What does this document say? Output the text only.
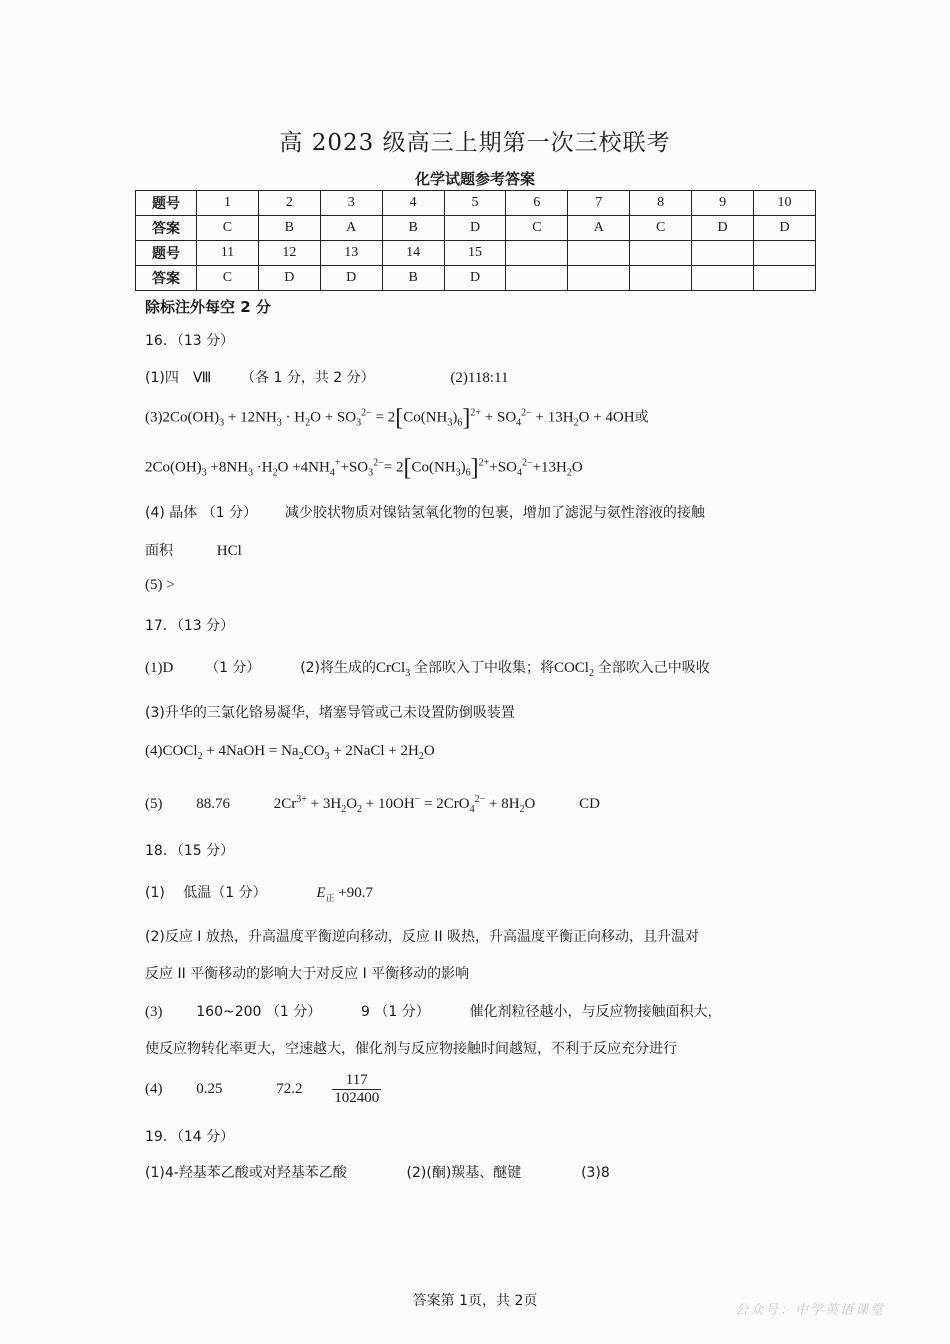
高 2023 级高三上期第一次三校联考
化学试题参考答案
题号	1	2	3	4	5	6	7	8	9	10
答案	C	B	A	B	D	C	A	C	D	D
题号	11	12	13	14	15					
答案	C	D	D	B	D					
除标注外每空 2 分
16．（13 分）
(1)四　Ⅷ （各 1 分，共 2 分）	(2)118:11
$(3)2Co(OH)_3 + 12NH_3 \cdot H_2O + SO_3^{2-} = 2[Co(NH_3)_6]^{2+} + SO_4^{2-} + 13H_2O + 4OH$或
$2Co(OH)_3 +8NH_3 \cdot H_2O +4NH_4^++SO_3^{2-}= 2[Co(NH_3)_6]^{2+}+SO_4^{2-}+13H_2O$
(4) 晶体 （1 分） 减少胶状物质对镍钴氢氧化物的包裹，增加了滤泥与氨性溶液的接触
面积	HCl
(5) >
17．（13 分）
(1)D （1 分）	(2)将生成的CrCl$_3$ 全部吹入丁中收集；将COCl$_2$ 全部吹入己中吸收
(3)升华的三氯化铬易凝华，堵塞导管或己未设置防倒吸装置
(4)COCl$_2$ + 4NaOH = $Na_2CO_3$ + 2NaCl + $2H_2O$
(5) 88.76	$2Cr^{3+} + 3H_2O_2 + 10OH^- = 2CrO_4^{2-} + 8H_2O$	CD
18．（15 分）
(1)　 低温（1 分）	$E_正 +90.7$
(2)反应 I 放热，升高温度平衡逆向移动，反应 II 吸热，升高温度平衡正向移动，且升温对
反应 II 平衡移动的影响大于对反应 I 平衡移动的影响
(3) 160~200 （1 分）	9 （1 分）	催化剂粒径越小，与反应物接触面积大，
使反应物转化率更大，空速越大，催化剂与反应物接触时间越短，不利于反应充分进行
(4) 0.25	$72.2 \frac{117}{102400}$
19．（14 分）
(1)4-羟基苯乙酸或对羟基苯乙酸	(2)(酮)羰基、醚键	(3)8
答案第 1页，共 2页
公众号：中学英语课堂
